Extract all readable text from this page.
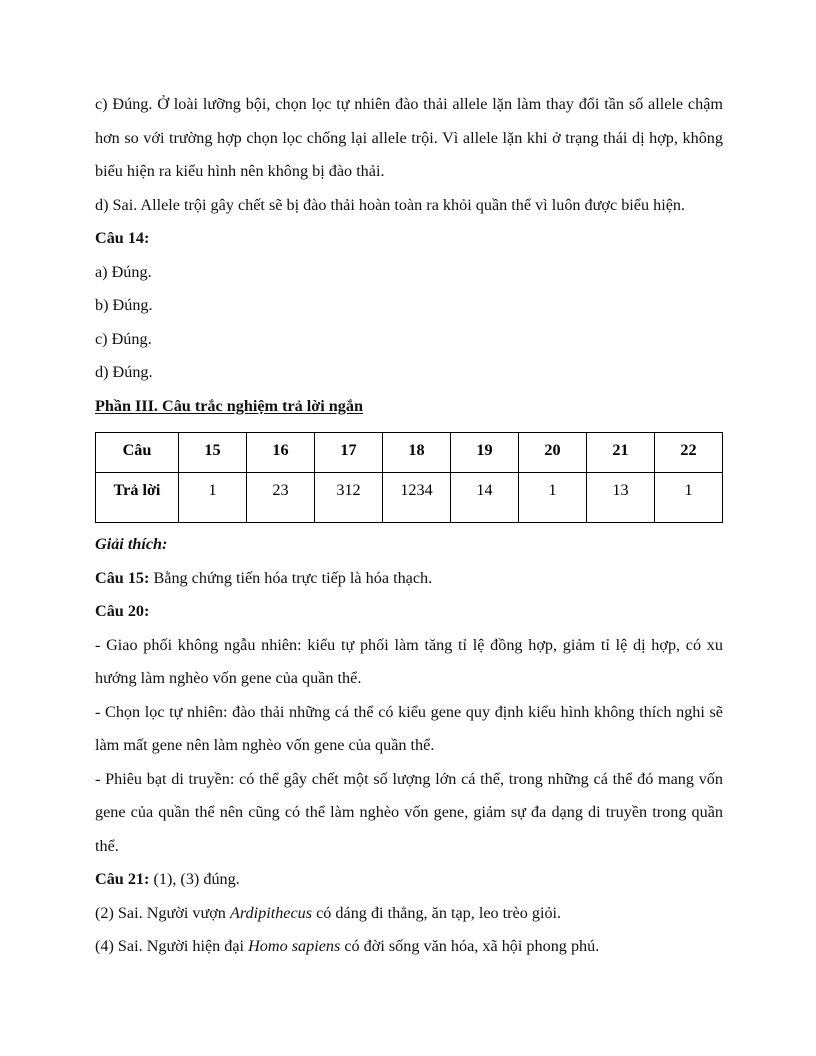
c) Đúng. Ở loài lưỡng bội, chọn lọc tự nhiên đào thải allele lặn làm thay đổi tần số allele chậm hơn so với trường hợp chọn lọc chống lại allele trội. Vì allele lặn khi ở trạng thái dị hợp, không biểu hiện ra kiểu hình nên không bị đào thải.

d) Sai. Allele trội gây chết sẽ bị đào thải hoàn toàn ra khỏi quần thể vì luôn được biểu hiện.

Câu 14:

a) Đúng.

b) Đúng.

c) Đúng.

d) Đúng.

Phần III. Câu trắc nghiệm trả lời ngắn

Câu	15	16	17	18	19	20	21	22
Trả lời	1	23	312	1234	14	1	13	1

Giải thích:

Câu 15: Bằng chứng tiến hóa trực tiếp là hóa thạch.

Câu 20:

- Giao phối không ngẫu nhiên: kiểu tự phối làm tăng tỉ lệ đồng hợp, giảm tỉ lệ dị hợp, có xu hướng làm nghèo vốn gene của quần thể.

- Chọn lọc tự nhiên: đào thải những cá thể có kiểu gene quy định kiểu hình không thích nghi sẽ làm mất gene nên làm nghèo vốn gene của quần thể.

- Phiêu bạt di truyền: có thể gây chết một số lượng lớn cá thể, trong những cá thể đó mang vốn gene của quần thể nên cũng có thể làm nghèo vốn gene, giảm sự đa dạng di truyền trong quần thể.

Câu 21: (1), (3) đúng.

(2) Sai. Người vượn Ardipithecus có dáng đi thẳng, ăn tạp, leo trèo giỏi.

(4) Sai. Người hiện đại Homo sapiens có đời sống văn hóa, xã hội phong phú.
